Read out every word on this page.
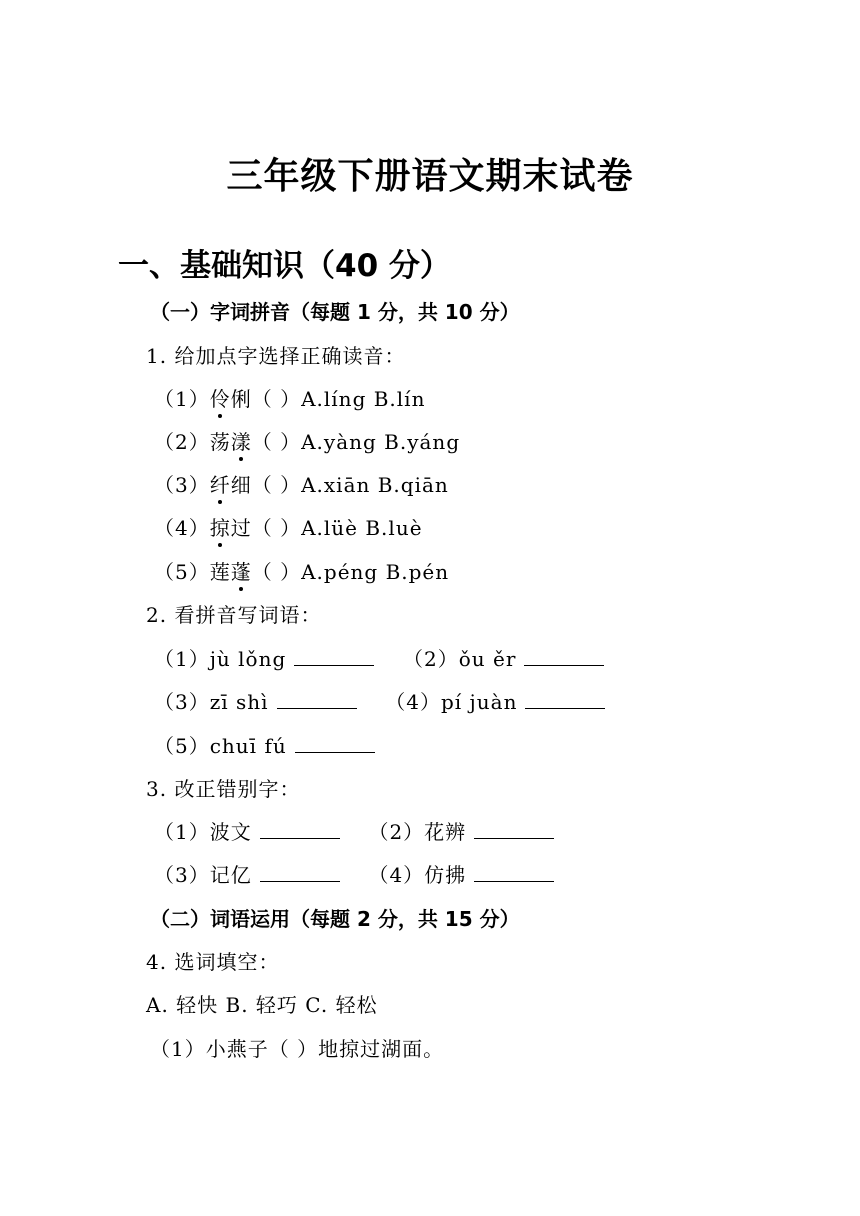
三年级下册语文期末试卷
一、基础知识（40 分）
（一）字词拼音（每题 1 分，共 10 分）
1. 给加点字选择正确读音：
（1）伶俐（ ）A.líng B.lín
（2）荡漾（ ）A.yàng B.yáng
（3）纤细（ ）A.xiān B.qiān
（4）掠过（ ）A.lüè B.luè
（5）莲蓬（ ）A.péng B.pén
2. 看拼音写词语：
（1）jù lǒng	（2）ǒu ěr
（3）zī shì	（4）pí juàn
（5）chuī fú
3. 改正错别字：
（1）波文	（2）花辨
（3）记亿	（4）仿拂
（二）词语运用（每题 2 分，共 15 分）
4. 选词填空：
A. 轻快 B. 轻巧 C. 轻松
（1）小燕子（ ）地掠过湖面。
